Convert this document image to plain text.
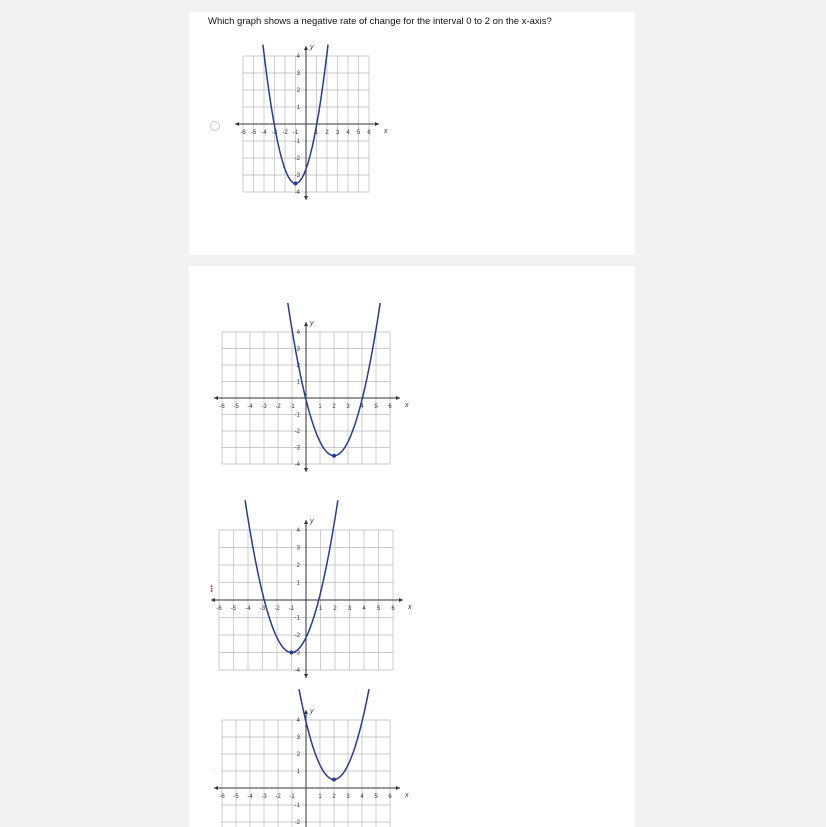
Which graph shows a negative rate of change for the interval 0 to 2 on the x-axis?
⁝
ˈ
-6 -5 -4 -3 -2 -1	1 2 3 4 5 6
4
3
2
1
-1
-2
-3
-4
x
y
-6 -5 -4 -3 -2 -1	1 2 3 4 5 6
4
3
2
1
-1
-2
-3
-4
x
y
-6 -5 -4 -3 -2 -1	1 2 3 4 5 6
4
3
2
1
-1
-2
-3
-4
x
y
-6 -5 -4 -3 -2 -1	1 2 3 4 5 6
4
3
2
1
-1
-2
x
y
